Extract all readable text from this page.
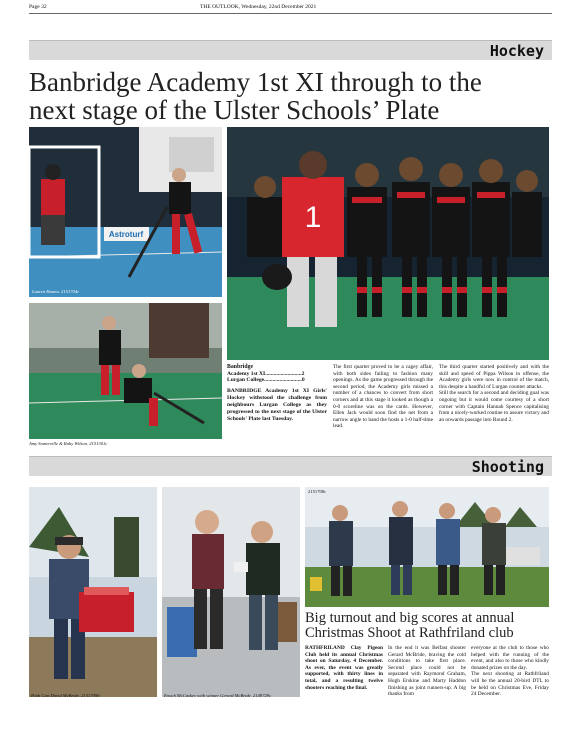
Page 32	THE OUTLOOK, Wednesday, 22nd December 2021
Hockey
Banbridge Academy 1st XI through to the
next stage of the Ulster Schools’ Plate
Astroturf
Lauren Hanna. 2151704c
1
Amy Somerville & Ruby Wilson. 2151301c
Banbridge
Academy 1st XI..........................2
Lurgan College...........................0
BANBRIDGE Academy 1st XI Girls' Hockey withstood the challenge from neighbours Lurgan College as they progressed to the next stage of the Ulster Schools' Plate last Tuesday.

The first quarter proved to be a cagey affair, with both sides failing to fashion many openings. As the game progressed through the second period, the Academy girls missed a number of a chances to convert from short corners and at this stage it looked as though a 0-0 scoreline was on the cards. However, Ellen Jack would soon find the net from a narrow angle to hand the hosts a 1-0 half-time lead.

The third quarter started positively and with the skill and speed of Pippa Wilson in offense, the Academy girls were now in control of the match, this despite a handful of Lurgan counter attacks.

Still the search for a second and deciding goal was ongoing but it would come courtesy of a short corner with Captain Hannah Spence capitalising from a nicely-worked routine to assure victory and an onwards passage into Round 2.

Shooting
High Gun David McBride. 2151709b	Enoch McCaskey with winner Gerard McBride. 2149729c
2151708c
Big turnout and big scores at annual
Christmas Shoot at Rathfriland club

RATHFRILAND Clay Pigeon Club held its annual Christmas shoot on Saturday, 4 December. As ever, the event was greatly supported, with thirty lines in total, and a resulting twelve shooters reaching the final.

In the end it was Belfast shooter Gerard McBride, braving the cold conditions to take first place. Second place could not be separated with Raymond Graham, Hugh Erskine and Marty Haddon finishing as joint runners-up. A big thanks from

everyone at the club to those who helped with the running of the event, and also to those who kindly donated prizes on the day.

The next shooting at Rathfriland will be the annual 20-bird DTL to be held on Christmas Eve, Friday 24 December.
